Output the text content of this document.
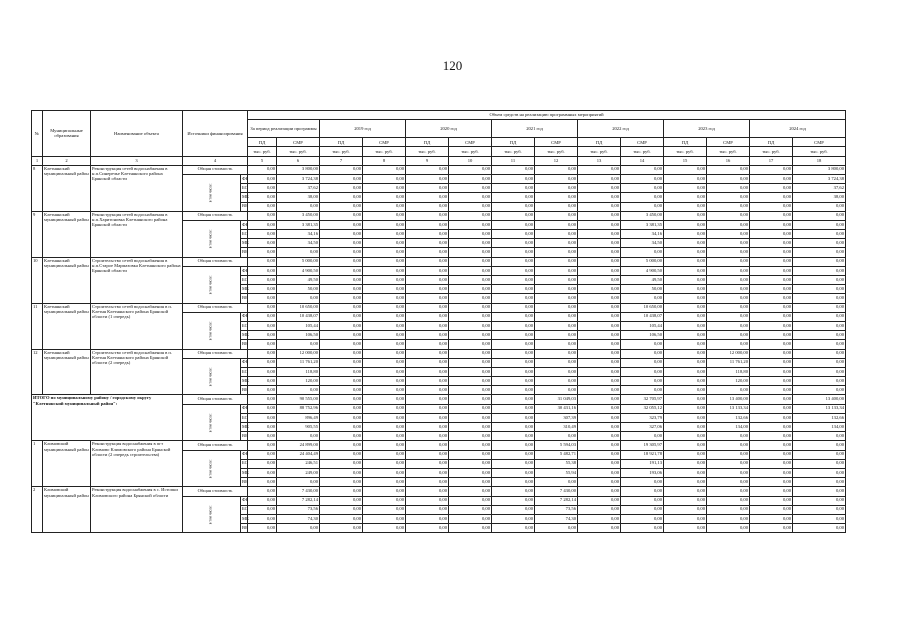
120
№	Муниципальные образования	Наименование объекта	Источники финансирования		Объем средств на реализацию программных мероприятий													
					За период реализации программы		2019 год		2020 год		2021 год		2022 год		2023 год		2024 год	
					ПД	СМР	ПД	СМР	ПД	СМР	ПД	СМР	ПД	СМР	ПД	СМР	ПД	СМР
					тыс. руб.	тыс. руб.	тыс. руб.	тыс. руб.	тыс. руб.	тыс. руб.	тыс. руб.	тыс. руб.	тыс. руб.	тыс. руб.	тыс. руб.	тыс. руб.	тыс. руб.	тыс. руб.
1	2	3	4		5	6	7	8	9	10	11	12	13	14	15	16	17	18
8	Клетнянский муниципальный район	Реконструкция сетей водоснабжения в н.п.Синеречье Клетнянского района Брянской области	Общая стоимость		0,00	3 800,00	0,00	0,00	0,00	0,00	0,00	0,00	0,00	0,00	0,00	0,00	0,00	3 800,00
			в том числе:	ФБ	0,00	3 724,38	0,00	0,00	0,00	0,00	0,00	0,00	0,00	0,00	0,00	0,00	0,00	3 724,38
				БС	0,00	37,62	0,00	0,00	0,00	0,00	0,00	0,00	0,00	0,00	0,00	0,00	0,00	37,62
				МБ	0,00	38,00	0,00	0,00	0,00	0,00	0,00	0,00	0,00	0,00	0,00	0,00	0,00	38,00
				ВБ	0,00	0,00	0,00	0,00	0,00	0,00	0,00	0,00	0,00	0,00	0,00	0,00	0,00	0,00
9	Клетнянский муниципальный район	Реконструкция сетей водоснабжения в н.п.Харитоновка Клетнянского района Брянской области	Общая стоимость		0,00	3 450,00	0,00	0,00	0,00	0,00	0,00	0,00	0,00	3 450,00	0,00	0,00	0,00	0,00
			в том числе:	ФБ	0,00	3 381,35	0,00	0,00	0,00	0,00	0,00	0,00	0,00	3 381,35	0,00	0,00	0,00	0,00
				БС	0,00	34,16	0,00	0,00	0,00	0,00	0,00	0,00	0,00	34,16	0,00	0,00	0,00	0,00
				МБ	0,00	34,50	0,00	0,00	0,00	0,00	0,00	0,00	0,00	34,50	0,00	0,00	0,00	0,00
				ВБ	0,00	0,00	0,00	0,00	0,00	0,00	0,00	0,00	0,00	0,00	0,00	0,00	0,00	0,00
10	Клетнянский муниципальный район	Строительство сетей водоснабжения в н.п.Старое Мармазовка Клетнянского района Брянской области	Общая стоимость		0,00	5 000,00	0,00	0,00	0,00	0,00	0,00	0,00	0,00	5 000,00	0,00	0,00	0,00	0,00
			в том числе:	ФБ	0,00	4 900,50	0,00	0,00	0,00	0,00	0,00	0,00	0,00	4 900,50	0,00	0,00	0,00	0,00
				БС	0,00	49,50	0,00	0,00	0,00	0,00	0,00	0,00	0,00	49,50	0,00	0,00	0,00	0,00
				МБ	0,00	50,00	0,00	0,00	0,00	0,00	0,00	0,00	0,00	50,00	0,00	0,00	0,00	0,00
				ВБ	0,00	0,00	0,00	0,00	0,00	0,00	0,00	0,00	0,00	0,00	0,00	0,00	0,00	0,00
11	Клетнянский муниципальный район	Строительство сетей водоснабжения в п. Клетня Клетнянского района Брянской области (1 очередь)	Общая стоимость		0,00	10 650,00	0,00	0,00	0,00	0,00	0,00	0,00	0,00	10 650,00	0,00	0,00	0,00	0,00
			в том числе:	ФБ	0,00	10 438,07	0,00	0,00	0,00	0,00	0,00	0,00	0,00	10 438,07	0,00	0,00	0,00	0,00
				БС	0,00	105,44	0,00	0,00	0,00	0,00	0,00	0,00	0,00	105,44	0,00	0,00	0,00	0,00
				МБ	0,00	106,50	0,00	0,00	0,00	0,00	0,00	0,00	0,00	106,50	0,00	0,00	0,00	0,00
				ВБ	0,00	0,00	0,00	0,00	0,00	0,00	0,00	0,00	0,00	0,00	0,00	0,00	0,00	0,00
12	Клетнянский муниципальный район	Строительство сетей водоснабжения в п. Клетня Клетнянского района Брянской области (2 очередь)	Общая стоимость		0,00	12 000,00	0,00	0,00	0,00	0,00	0,00	0,00	0,00	0,00	0,00	12 000,00	0,00	0,00
			в том числе:	ФБ	0,00	11 761,20	0,00	0,00	0,00	0,00	0,00	0,00	0,00	0,00	0,00	11 761,20	0,00	0,00
				БС	0,00	118,80	0,00	0,00	0,00	0,00	0,00	0,00	0,00	0,00	0,00	118,80	0,00	0,00
				МБ	0,00	120,00	0,00	0,00	0,00	0,00	0,00	0,00	0,00	0,00	0,00	120,00	0,00	0,00
				ВБ	0,00	0,00	0,00	0,00	0,00	0,00	0,00	0,00	0,00	0,00	0,00	0,00	0,00	0,00
ИТОГО по муниципальному району / городскому округу "Клетнянский муниципальный район":			Общая стоимость		0,00	90 555,00	0,00	0,00	0,00	0,00	0,00	31 049,03	0,00	32 705,97	0,00	13 400,00	0,00	13 400,00
			в том числе:	ФБ	0,00	88 752,96	0,00	0,00	0,00	0,00	0,00	30 431,16	0,00	32 055,12	0,00	13 133,34	0,00	13 133,34
				БС	0,00	896,49	0,00	0,00	0,00	0,00	0,00	307,39	0,00	323,79	0,00	132,66	0,00	132,66
				МБ	0,00	905,55	0,00	0,00	0,00	0,00	0,00	310,49	0,00	327,06	0,00	134,00	0,00	134,00
				ВБ	0,00	0,00	0,00	0,00	0,00	0,00	0,00	0,00	0,00	0,00	0,00	0,00	0,00	0,00
1	Климовский муниципальный район	Реконструкция водоснабжения в пгт Климово Климовского района Брянской области (2 очередь строительства)	Общая стоимость		0,00	24 899,00	0,00	0,00	0,00	0,00	0,00	5 594,03	0,00	19 305,97	0,00	0,00	0,00	0,00
			в том числе:	ФБ	0,00	24 404,49	0,00	0,00	0,00	0,00	0,00	5 482,71	0,00	18 921,78	0,00	0,00	0,00	0,00
				БС	0,00	246,51	0,00	0,00	0,00	0,00	0,00	55,38	0,00	191,13	0,00	0,00	0,00	0,00
				МБ	0,00	249,00	0,00	0,00	0,00	0,00	0,00	55,94	0,00	193,06	0,00	0,00	0,00	0,00
				ВБ	0,00	0,00	0,00	0,00	0,00	0,00	0,00	0,00	0,00	0,00	0,00	0,00	0,00	0,00
2	Климовский муниципальный район	Реконструкция водоснабжения в с. Истопки Климовского района Брянской области	Общая стоимость		0,00	7 430,00	0,00	0,00	0,00	0,00	0,00	7 430,00	0,00	0,00	0,00	0,00	0,00	0,00
			в том числе:	ФБ	0,00	7 282,14	0,00	0,00	0,00	0,00	0,00	7 282,14	0,00	0,00	0,00	0,00	0,00	0,00
				БС	0,00	73,56	0,00	0,00	0,00	0,00	0,00	73,56	0,00	0,00	0,00	0,00	0,00	0,00
				МБ	0,00	74,30	0,00	0,00	0,00	0,00	0,00	74,30	0,00	0,00	0,00	0,00	0,00	0,00
				ВБ	0,00	0,00	0,00	0,00	0,00	0,00	0,00	0,00	0,00	0,00	0,00	0,00	0,00	0,00
